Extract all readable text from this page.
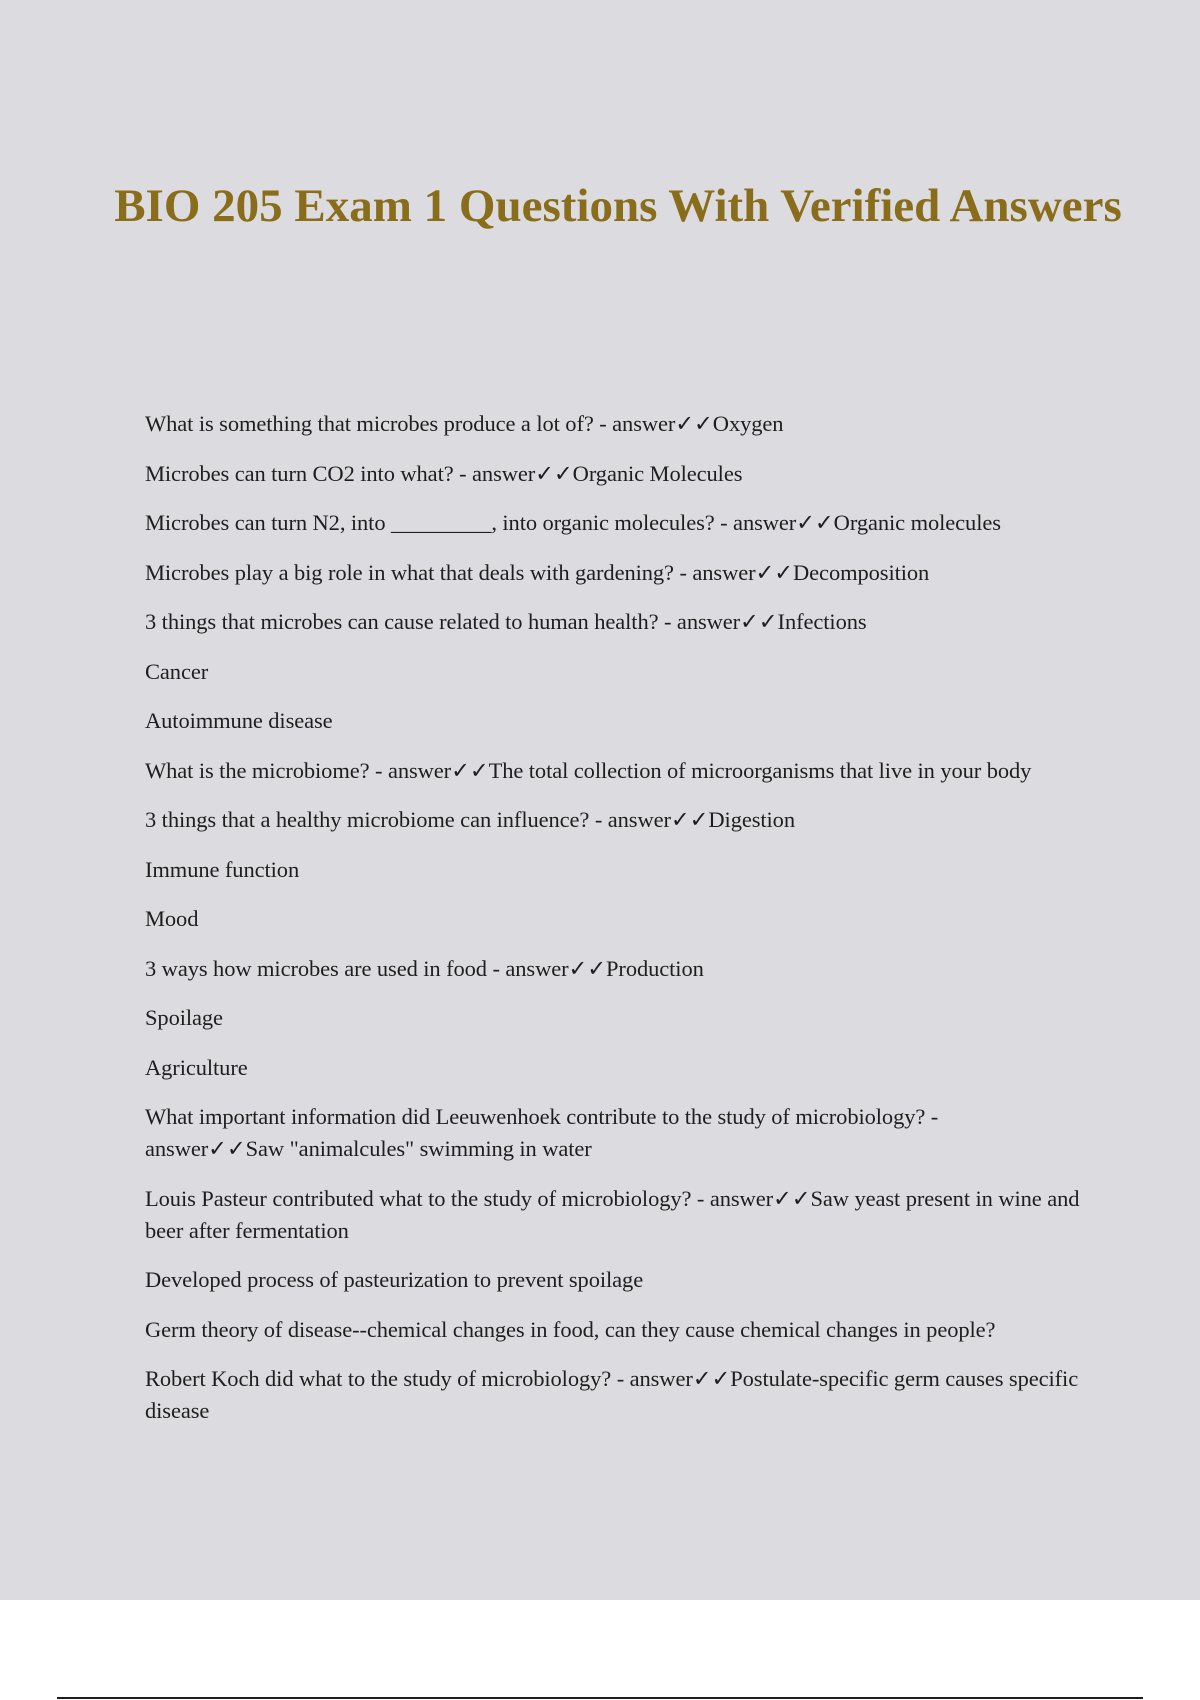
BIO 205 Exam 1 Questions With Verified Answers

What is something that microbes produce a lot of? - answer✓✓Oxygen

Microbes can turn CO2 into what? - answer✓✓Organic Molecules

Microbes can turn N2, into _________, into organic molecules? - answer✓✓Organic molecules

Microbes play a big role in what that deals with gardening? - answer✓✓Decomposition

3 things that microbes can cause related to human health? - answer✓✓Infections

Cancer

Autoimmune disease

What is the microbiome? - answer✓✓The total collection of microorganisms that live in your body

3 things that a healthy microbiome can influence? - answer✓✓Digestion

Immune function

Mood

3 ways how microbes are used in food - answer✓✓Production

Spoilage

Agriculture

What important information did Leeuwenhoek contribute to the study of microbiology? - answer✓✓Saw "animalcules" swimming in water

Louis Pasteur contributed what to the study of microbiology? - answer✓✓Saw yeast present in wine and beer after fermentation

Developed process of pasteurization to prevent spoilage

Germ theory of disease--chemical changes in food, can they cause chemical changes in people?

Robert Koch did what to the study of microbiology? - answer✓✓Postulate-specific germ causes specific disease
